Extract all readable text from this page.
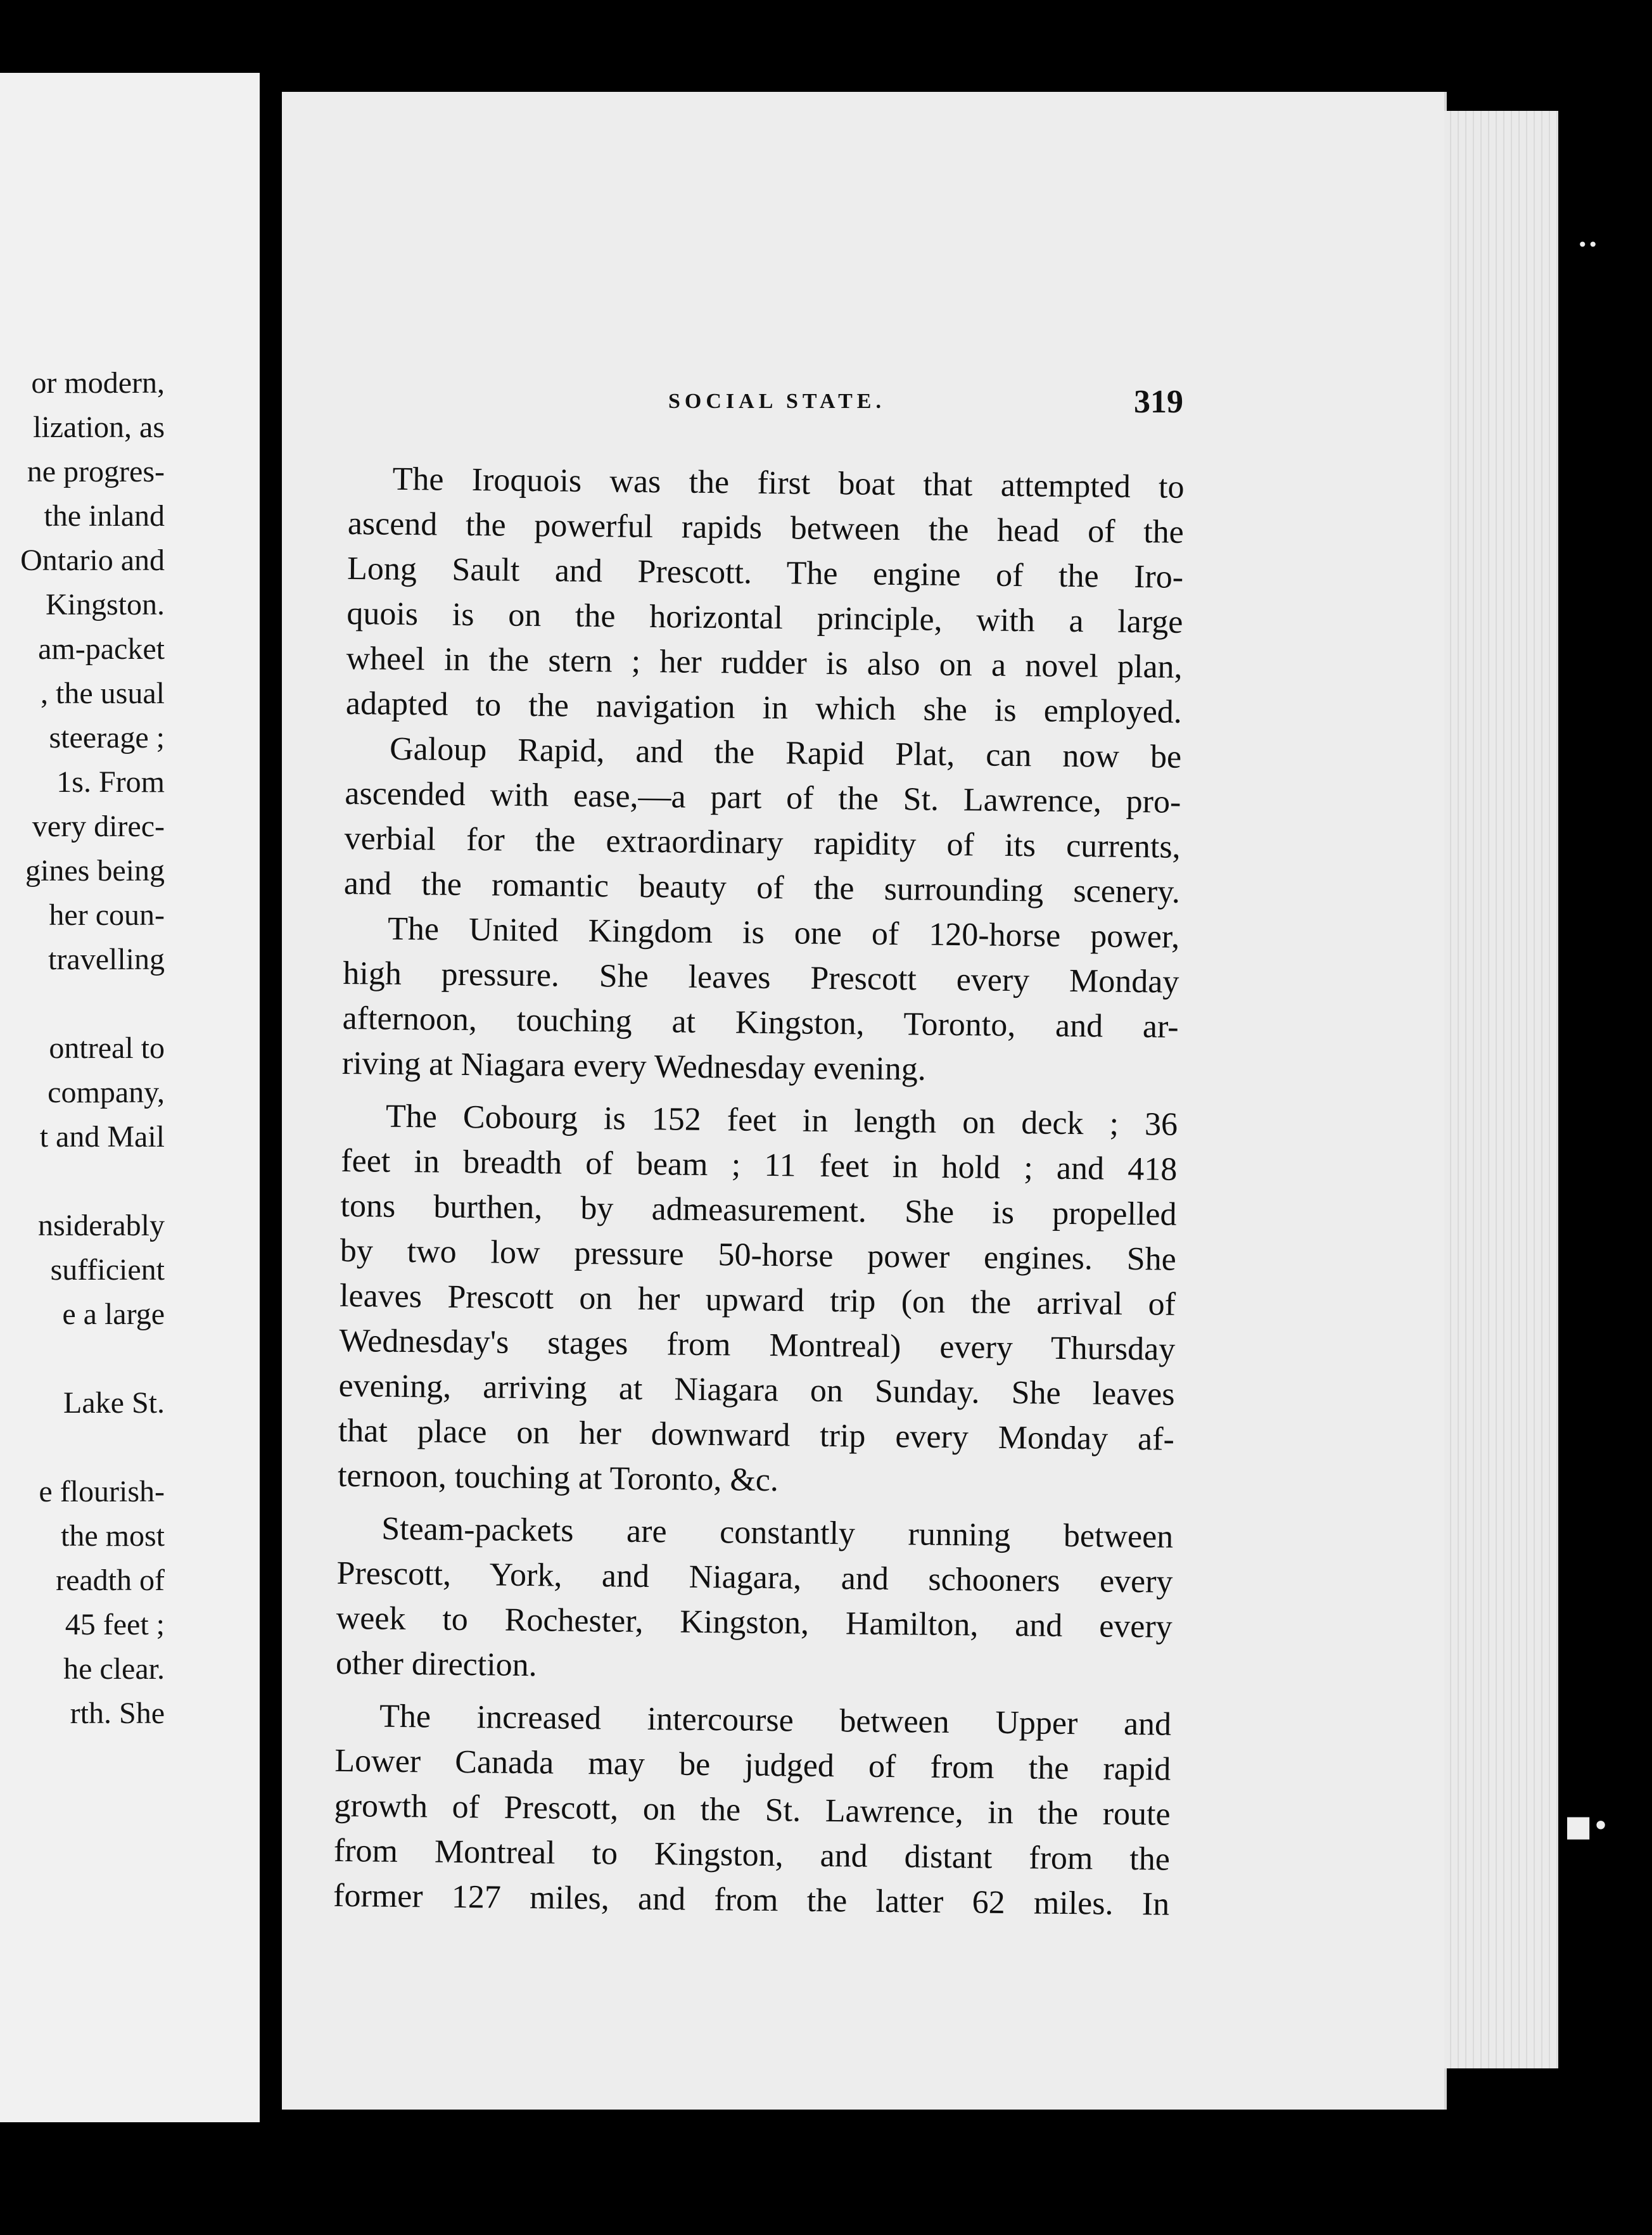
or modern,
lization, as
ne progres-
the inland
Ontario and
Kingston.
am-packet
, the usual
steerage ;
1s. From
very direc-
gines being
her coun-
travelling
ontreal to
company,
t and Mail
nsiderably
sufficient
e a large
Lake St.
e flourish-
the most
readth of
45 feet ;
he clear.
rth. She
SOCIAL STATE.	319
The Iroquois was the first boat that attempted to
ascend the powerful rapids between the head of the
Long Sault and Prescott. The engine of the Iro-
quois is on the horizontal principle, with a large
wheel in the stern ; her rudder is also on a novel plan,
adapted to the navigation in which she is employed.
Galoup Rapid, and the Rapid Plat, can now be
ascended with ease,—a part of the St. Lawrence, pro-
verbial for the extraordinary rapidity of its currents,
and the romantic beauty of the surrounding scenery.
The United Kingdom is one of 120-horse power,
high pressure. She leaves Prescott every Monday
afternoon, touching at Kingston, Toronto, and ar-
riving at Niagara every Wednesday evening.
The Cobourg is 152 feet in length on deck ; 36
feet in breadth of beam ; 11 feet in hold ; and 418
tons burthen, by admeasurement. She is propelled
by two low pressure 50-horse power engines. She
leaves Prescott on her upward trip (on the arrival of
Wednesday's stages from Montreal) every Thursday
evening, arriving at Niagara on Sunday. She leaves
that place on her downward trip every Monday af-
ternoon, touching at Toronto, &c.
Steam-packets are constantly running between
Prescott, York, and Niagara, and schooners every
week to Rochester, Kingston, Hamilton, and every
other direction.
The increased intercourse between Upper and
Lower Canada may be judged of from the rapid
growth of Prescott, on the St. Lawrence, in the route
from Montreal to Kingston, and distant from the
former 127 miles, and from the latter 62 miles. In
••
■•
